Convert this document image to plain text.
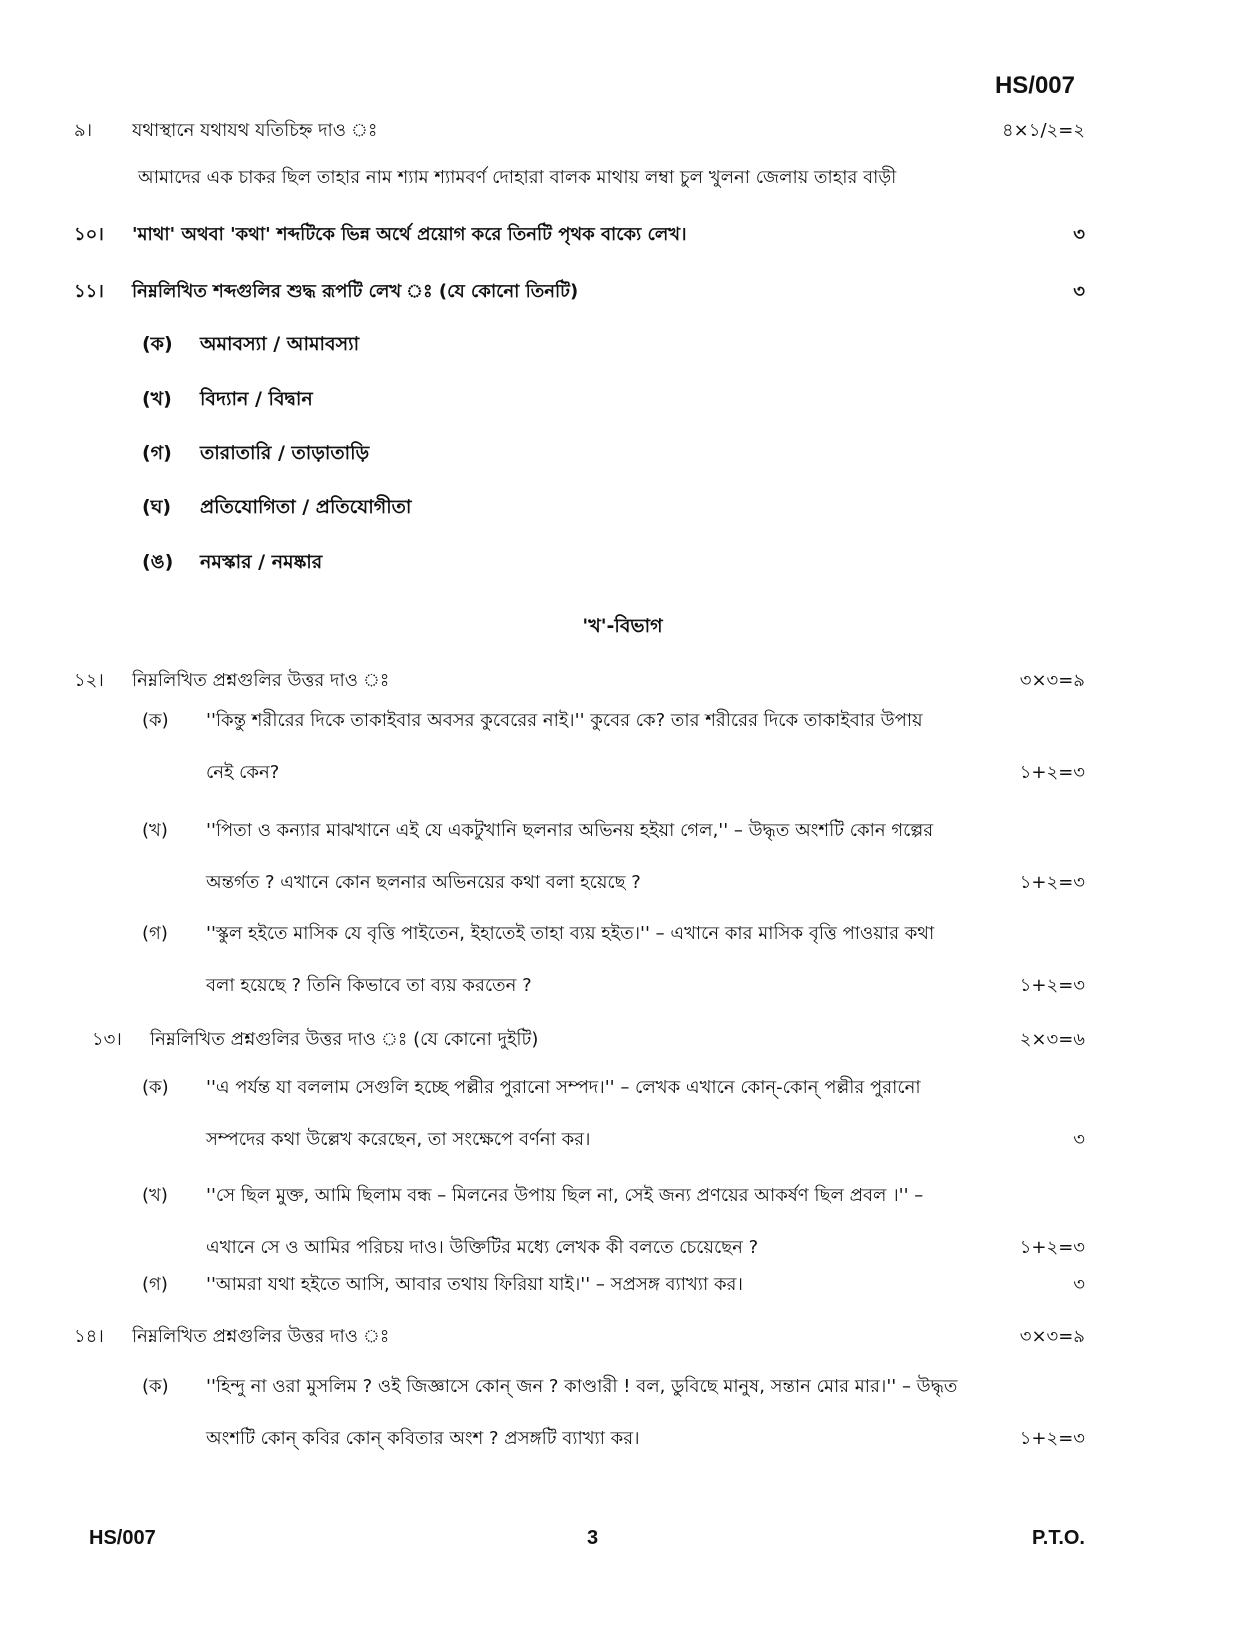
HS/007
৯। যথাস্থানে যথাযথ যতিচিহ্ন দাও ঃ	৪×১/২=২
আমাদের এক চাকর ছিল তাহার নাম শ্যাম শ্যামবর্ণ দোহারা বালক মাথায় লম্বা চুল খুলনা জেলায় তাহার বাড়ী
১০। 'মাথা' অথবা 'কথা' শব্দটিকে ভিন্ন অর্থে প্রয়োগ করে তিনটি পৃথক বাক্যে লেখ।	৩
১১। নিম্নলিখিত শব্দগুলির শুদ্ধ রূপটি লেখ ঃ (যে কোনো তিনটি)	৩
(ক) অমাবস্যা / আমাবস্যা
(খ) বিদ্যান / বিদ্বান
(গ) তারাতারি / তাড়াতাড়ি
(ঘ) প্রতিযোগিতা / প্রতিযোগীতা
(ঙ) নমস্কার / নমষ্কার
'খ'-বিভাগ
১২। নিম্নলিখিত প্রশ্নগুলির উত্তর দাও ঃ	৩×৩=৯
(ক) ''কিন্তু শরীরের দিকে তাকাইবার অবসর কুবেরের নাই।'' কুবের কে? তার শরীরের দিকে তাকাইবার উপায়
নেই কেন?	১+২=৩
(খ) ''পিতা ও কন্যার মাঝখানে এই যে একটুখানি ছলনার অভিনয় হইয়া গেল,'' – উদ্ধৃত অংশটি কোন গল্পের
অন্তর্গত ? এখানে কোন ছলনার অভিনয়ের কথা বলা হয়েছে ?	১+২=৩
(গ) ''স্কুল হইতে মাসিক যে বৃত্তি পাইতেন, ইহাতেই তাহা ব্যয় হইত।'' – এখানে কার মাসিক বৃত্তি পাওয়ার কথা
বলা হয়েছে ? তিনি কিভাবে তা ব্যয় করতেন ?	১+২=৩
১৩। নিম্নলিখিত প্রশ্নগুলির উত্তর দাও ঃ (যে কোনো দুইটি)	২×৩=৬
(ক) ''এ পর্যন্ত যা বললাম সেগুলি হচ্ছে পল্লীর পুরানো সম্পদ।'' – লেখক এখানে কোন্-কোন্ পল্লীর পুরানো
সম্পদের কথা উল্লেখ করেছেন, তা সংক্ষেপে বর্ণনা কর।	৩
(খ) ''সে ছিল মুক্ত, আমি ছিলাম বন্ধ – মিলনের উপায় ছিল না, সেই জন্য প্রণয়ের আকর্ষণ ছিল প্রবল ।'' –
এখানে সে ও আমির পরিচয় দাও। উক্তিটির মধ্যে লেখক কী বলতে চেয়েছেন ?	১+২=৩
(গ) ''আমরা যথা হইতে আসি, আবার তথায় ফিরিয়া যাই।'' – সপ্রসঙ্গ ব্যাখ্যা কর।	৩
১৪। নিম্নলিখিত প্রশ্নগুলির উত্তর দাও ঃ	৩×৩=৯
(ক) ''হিন্দু না ওরা মুসলিম ? ওই জিজ্ঞাসে কোন্ জন ? কাণ্ডারী ! বল, ডুবিছে মানুষ, সন্তান মোর মার।'' – উদ্ধৃত
অংশটি কোন্ কবির কোন্ কবিতার অংশ ? প্রসঙ্গটি ব্যাখ্যা কর।	১+২=৩
HS/007	3	P.T.O.
